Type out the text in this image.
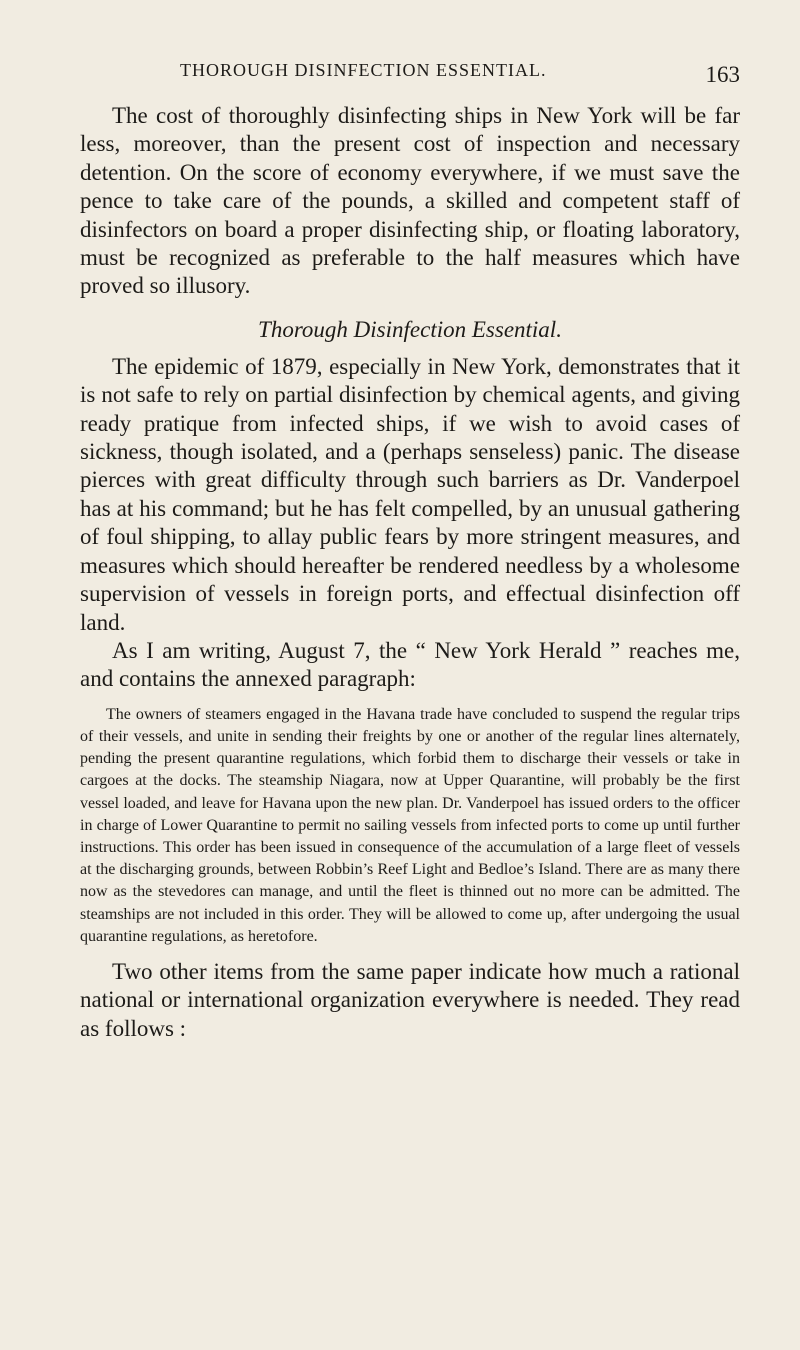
THOROUGH DISINFECTION ESSENTIAL.	163

The cost of thoroughly disinfecting ships in New York will be far less, moreover, than the present cost of inspection and necessary detention. On the score of economy everywhere, if we must save the pence to take care of the pounds, a skilled and competent staff of disinfectors on board a proper disinfecting ship, or floating laboratory, must be recognized as preferable to the half measures which have proved so illusory.

Thorough Disinfection Essential.

The epidemic of 1879, especially in New York, demonstrates that it is not safe to rely on partial disinfection by chemical agents, and giving ready pratique from infected ships, if we wish to avoid cases of sickness, though isolated, and a (perhaps senseless) panic. The disease pierces with great difficulty through such barriers as Dr. Vanderpoel has at his command; but he has felt compelled, by an unusual gathering of foul shipping, to allay public fears by more stringent measures, and measures which should hereafter be rendered needless by a wholesome supervision of vessels in foreign ports, and effectual disinfection off land.

As I am writing, August 7, the “ New York Herald ” reaches me, and contains the annexed paragraph:

The owners of steamers engaged in the Havana trade have concluded to suspend the regular trips of their vessels, and unite in sending their freights by one or another of the regular lines alternately, pending the present quarantine regulations, which forbid them to discharge their vessels or take in cargoes at the docks. The steamship Niagara, now at Upper Quarantine, will probably be the first vessel loaded, and leave for Havana upon the new plan. Dr. Vanderpoel has issued orders to the officer in charge of Lower Quarantine to permit no sailing vessels from infected ports to come up until further instructions. This order has been issued in consequence of the accumulation of a large fleet of vessels at the discharging grounds, between Robbin’s Reef Light and Bedloe’s Island. There are as many there now as the stevedores can manage, and until the fleet is thinned out no more can be admitted. The steamships are not included in this order. They will be allowed to come up, after undergoing the usual quarantine regulations, as heretofore.

Two other items from the same paper indicate how much a rational national or international organization everywhere is needed. They read as follows :
